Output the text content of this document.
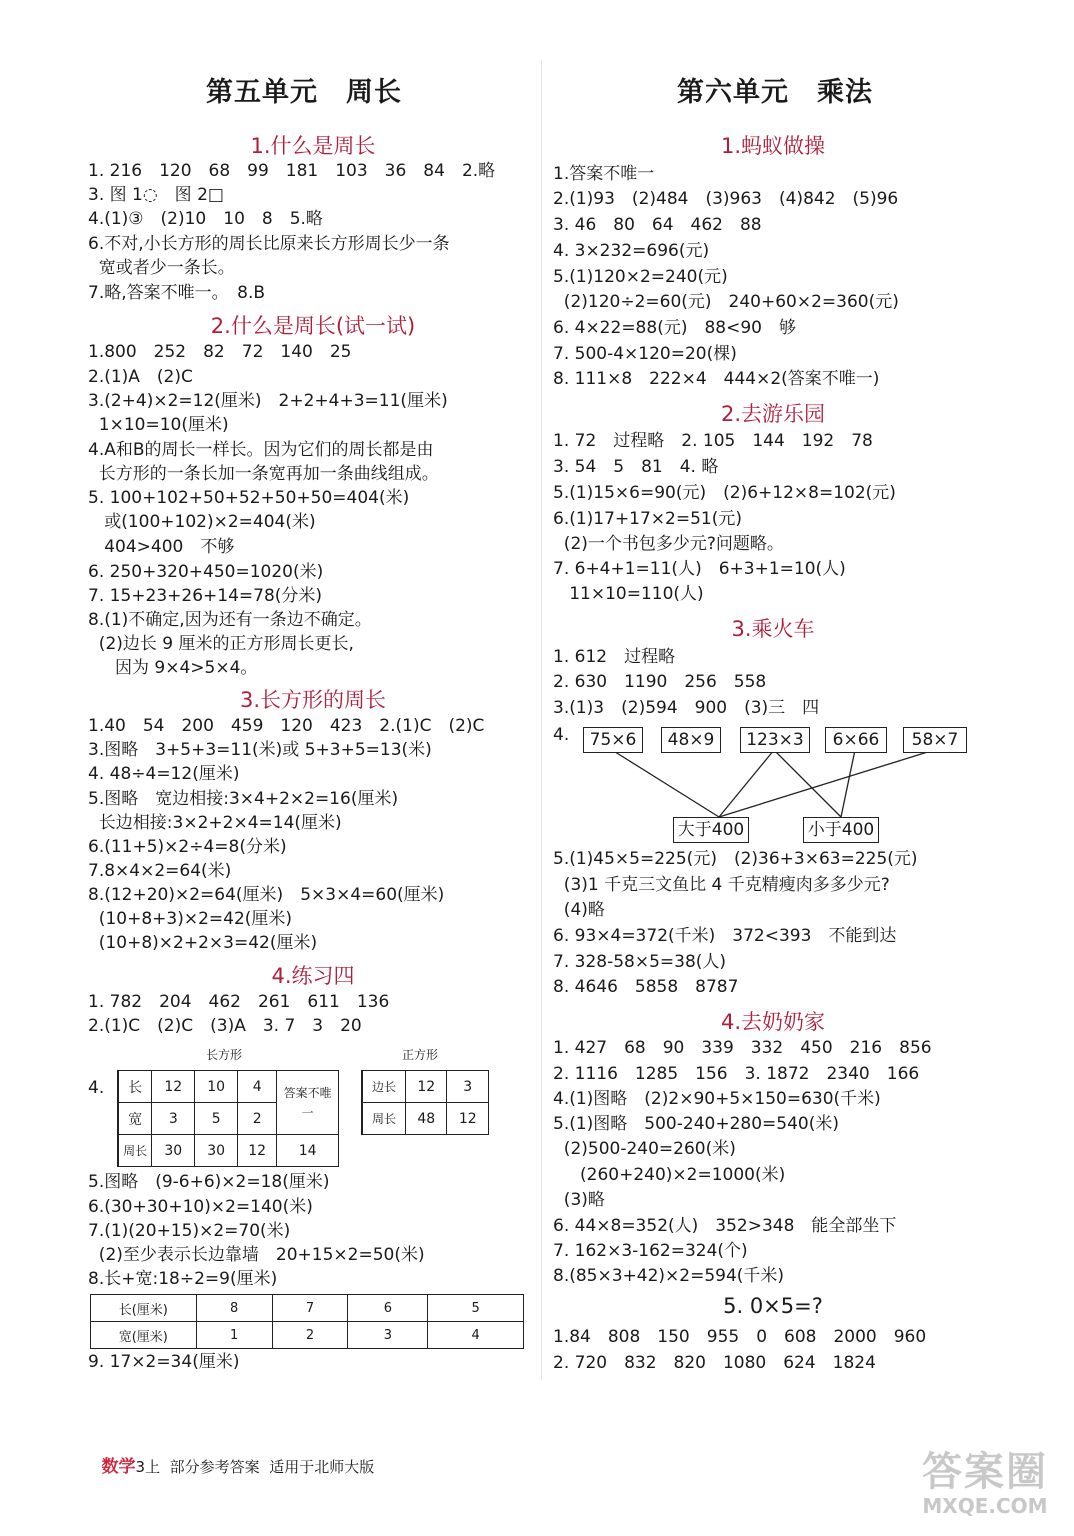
第五单元　周长
1.什么是周长
1. 216　120　68　99　181　103　36　84　2.略
3. 图 1◌　图 2□
4.(1)③　(2)10　10　8　5.略
6.不对,小长方形的周长比原来长方形周长少一条
宽或者少一条长。
7.略,答案不唯一。　8.B
2.什么是周长(试一试)
1.800　252　82　72　140　25
2.(1)A　(2)C
3.(2+4)×2=12(厘米)　2+2+4+3=11(厘米)
1×10=10(厘米)
4.A和B的周长一样长。因为它们的周长都是由
长方形的一条长加一条宽再加一条曲线组成。
5. 100+102+50+52+50+50=404(米)
或(100+102)×2=404(米)
404>400　不够
6. 250+320+450=1020(米)
7. 15+23+26+14=78(分米)
8.(1)不确定,因为还有一条边不确定。
(2)边长 9 厘米的正方形周长更长,
因为 9×4>5×4。
3.长方形的周长
1.40　54　200　459　120　423　2.(1)C　(2)C
3.图略　3+5+3=11(米)或 5+3+5=13(米)
4. 48÷4=12(厘米)
5.图略　宽边相接:3×4+2×2=16(厘米)
长边相接:3×2+2×4=14(厘米)
6.(11+5)×2÷4=8(分米)
7.8×4×2=64(米)
8.(12+20)×2=64(厘米)　5×3×4=60(厘米)
(10+8+3)×2=42(厘米)
(10+8)×2+2×3=42(厘米)
4.练习四
1. 782　204　462　261　611　136
2.(1)C　(2)C　(3)A　3. 7　3　20
4.
长方形	正方形
长	12	10	4	答案不唯一
宽	3	5	2	
周长	30	30	12	14
边长	12	3
周长	48	12
5.图略　(9-6+6)×2=18(厘米)
6.(30+30+10)×2=140(米)
7.(1)(20+15)×2=70(米)
(2)至少表示长边靠墙　20+15×2=50(米)
8.长+宽:18÷2=9(厘米)
长(厘米)	8	7	6	5
宽(厘米)	1	2	3	4
9. 17×2=34(厘米)
第六单元　乘法
1.蚂蚁做操
1.答案不唯一
2.(1)93　(2)484　(3)963　(4)842　(5)96
3. 46　80　64　462　88
4. 3×232=696(元)
5.(1)120×2=240(元)
(2)120÷2=60(元)　240+60×2=360(元)
6. 4×22=88(元)　88<90　够
7. 500-4×120=20(棵)
8. 111×8　222×4　444×2(答案不唯一)
2.去游乐园
1. 72　过程略　2. 105　144　192　78
3. 54　5　81　4. 略
5.(1)15×6=90(元)　(2)6+12×8=102(元)
6.(1)17+17×2=51(元)
(2)一个书包多少元?问题略。
7. 6+4+1=11(人)　6+3+1=10(人)
11×10=110(人)
3.乘火车
1. 612　过程略
2. 630　1190　256　558
3.(1)3　(2)594　900　(3)三　四
4.	75×6	48×9	123×3	6×66	58×7
大于400	小于400
5.(1)45×5=225(元)　(2)36+3×63=225(元)
(3)1 千克三文鱼比 4 千克精瘦肉多多少元?
(4)略
6. 93×4=372(千米)　372<393　不能到达
7. 328-58×5=38(人)
8. 4646　5858　8787
4.去奶奶家
1. 427　68　90　339　332　450　216　856
2. 1116　1285　156　3. 1872　2340　166
4.(1)图略　(2)2×90+5×150=630(千米)
5.(1)图略　500-240+280=540(米)
(2)500-240=260(米)
(260+240)×2=1000(米)
(3)略
6. 44×8=352(人)　352>348　能全部坐下
7. 162×3-162=324(个)
8.(85×3+42)×2=594(千米)
5. 0×5=?
1.84　808　150　955　0　608　2000　960
2. 720　832　820　1080　624　1824

数学3上 部分参考答案 适用于北师大版	答案圈
MXQE.COM
